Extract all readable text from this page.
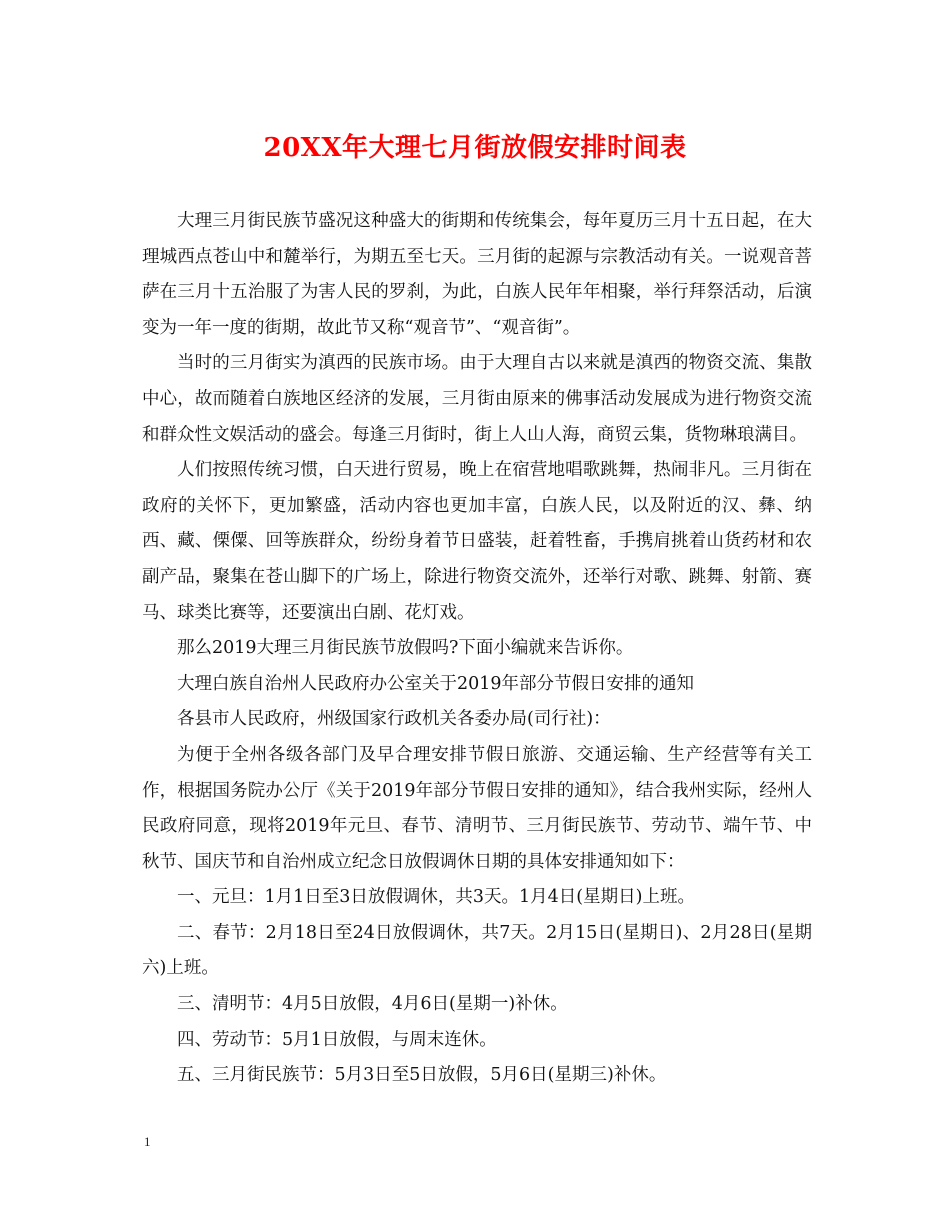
20XX年大理七月街放假安排时间表

大理三月街民族节盛况这种盛大的街期和传统集会，每年夏历三月十五日起，在大理城西点苍山中和麓举行，为期五至七天。三月街的起源与宗教活动有关。一说观音菩萨在三月十五治服了为害人民的罗刹，为此，白族人民年年相聚，举行拜祭活动，后演变为一年一度的街期，故此节又称“观音节”、“观音街”。

当时的三月街实为滇西的民族市场。由于大理自古以来就是滇西的物资交流、集散中心，故而随着白族地区经济的发展，三月街由原来的佛事活动发展成为进行物资交流和群众性文娱活动的盛会。每逢三月街时，街上人山人海，商贸云集，货物琳琅满目。

人们按照传统习惯，白天进行贸易，晚上在宿营地唱歌跳舞，热闹非凡。三月街在政府的关怀下，更加繁盛，活动内容也更加丰富，白族人民，以及附近的汉、彝、纳西、藏、傈僳、回等族群众，纷纷身着节日盛装，赶着牲畜，手携肩挑着山货药材和农副产品，聚集在苍山脚下的广场上，除进行物资交流外，还举行对歌、跳舞、射箭、赛马、球类比赛等，还要演出白剧、花灯戏。

那么2019大理三月街民族节放假吗?下面小编就来告诉你。

大理白族自治州人民政府办公室关于2019年部分节假日安排的通知

各县市人民政府，州级国家行政机关各委办局(司行社)：

为便于全州各级各部门及早合理安排节假日旅游、交通运输、生产经营等有关工作，根据国务院办公厅《关于2019年部分节假日安排的通知》，结合我州实际，经州人民政府同意，现将2019年元旦、春节、清明节、三月街民族节、劳动节、端午节、中秋节、国庆节和自治州成立纪念日放假调休日期的具体安排通知如下：

一、元旦：1月1日至3日放假调休，共3天。1月4日(星期日)上班。

二、春节：2月18日至24日放假调休，共7天。2月15日(星期日)、2月28日(星期六)上班。

三、清明节：4月5日放假，4月6日(星期一)补休。

四、劳动节：5月1日放假，与周末连休。

五、三月街民族节：5月3日至5日放假，5月6日(星期三)补休。

1
